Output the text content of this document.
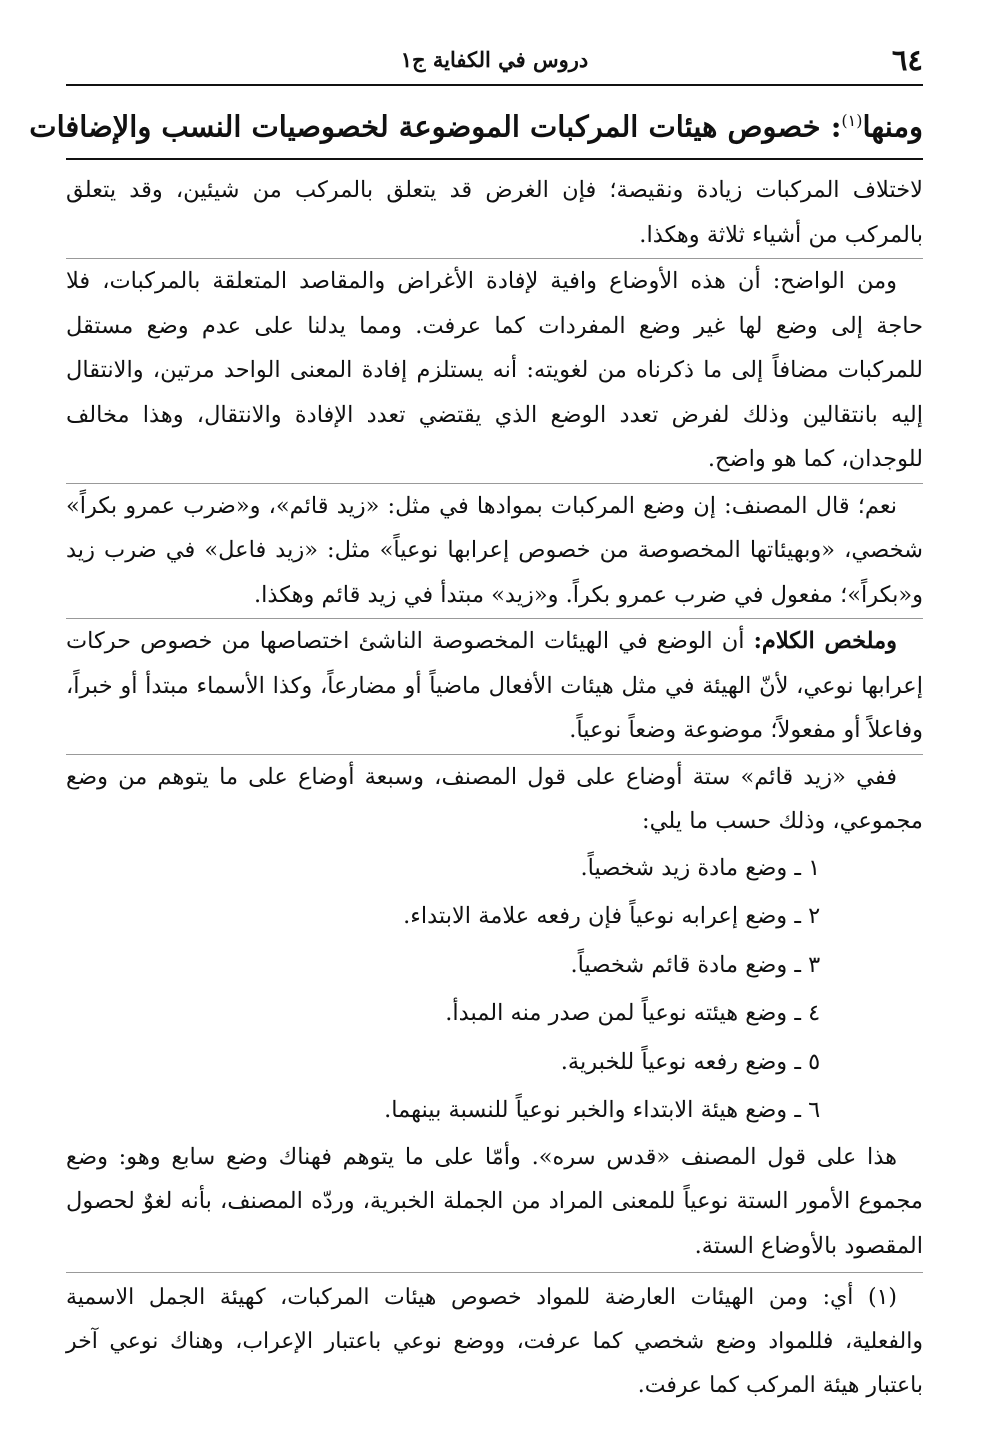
٦٤
دروس في الكفاية ج١
ومنها$^{(١)}$: خصوص هيئات المركبات الموضوعة لخصوصيات النسب والإضافات

لاختلاف المركبات زيادة ونقيصة؛ فإن الغرض قد يتعلق بالمركب من شيئين، وقد يتعلق بالمركب من أشياء ثلاثة وهكذا.

ومن الواضح: أن هذه الأوضاع وافية لإفادة الأغراض والمقاصد المتعلقة بالمركبات، فلا حاجة إلى وضع لها غير وضع المفردات كما عرفت. ومما يدلنا على عدم وضع مستقل للمركبات مضافاً إلى ما ذكرناه من لغويته: أنه يستلزم إفادة المعنى الواحد مرتين، والانتقال إليه بانتقالين وذلك لفرض تعدد الوضع الذي يقتضي تعدد الإفادة والانتقال، وهذا مخالف للوجدان، كما هو واضح.

نعم؛ قال المصنف: إن وضع المركبات بموادها في مثل: «زيد قائم»، و«ضرب عمرو بكراً» شخصي، «وبهيئاتها المخصوصة من خصوص إعرابها نوعياً» مثل: «زيد فاعل» في ضرب زيد و«بكراً»؛ مفعول في ضرب عمرو بكراً. و«زيد» مبتدأ في زيد قائم وهكذا.

وملخص الكلام: أن الوضع في الهيئات المخصوصة الناشئ اختصاصها من خصوص حركات إعرابها نوعي، لأنّ الهيئة في مثل هيئات الأفعال ماضياً أو مضارعاً، وكذا الأسماء مبتدأ أو خبراً، وفاعلاً أو مفعولاً؛ موضوعة وضعاً نوعياً.

ففي «زيد قائم» ستة أوضاع على قول المصنف، وسبعة أوضاع على ما يتوهم من وضع مجموعي، وذلك حسب ما يلي:

١ ـ وضع مادة زيد شخصياً.
٢ ـ وضع إعرابه نوعياً فإن رفعه علامة الابتداء.
٣ ـ وضع مادة قائم شخصياً.
٤ ـ وضع هيئته نوعياً لمن صدر منه المبدأ.
٥ ـ وضع رفعه نوعياً للخبرية.
٦ ـ وضع هيئة الابتداء والخبر نوعياً للنسبة بينهما.

هذا على قول المصنف «قدس سره». وأمّا على ما يتوهم فهناك وضع سابع وهو: وضع مجموع الأمور الستة نوعياً للمعنى المراد من الجملة الخبرية، وردّه المصنف، بأنه لغوٌ لحصول المقصود بالأوضاع الستة.

(١) أي: ومن الهيئات العارضة للمواد خصوص هيئات المركبات، كهيئة الجمل الاسمية والفعلية، فللمواد وضع شخصي كما عرفت، ووضع نوعي باعتبار الإعراب، وهناك نوعي آخر باعتبار هيئة المركب كما عرفت.
